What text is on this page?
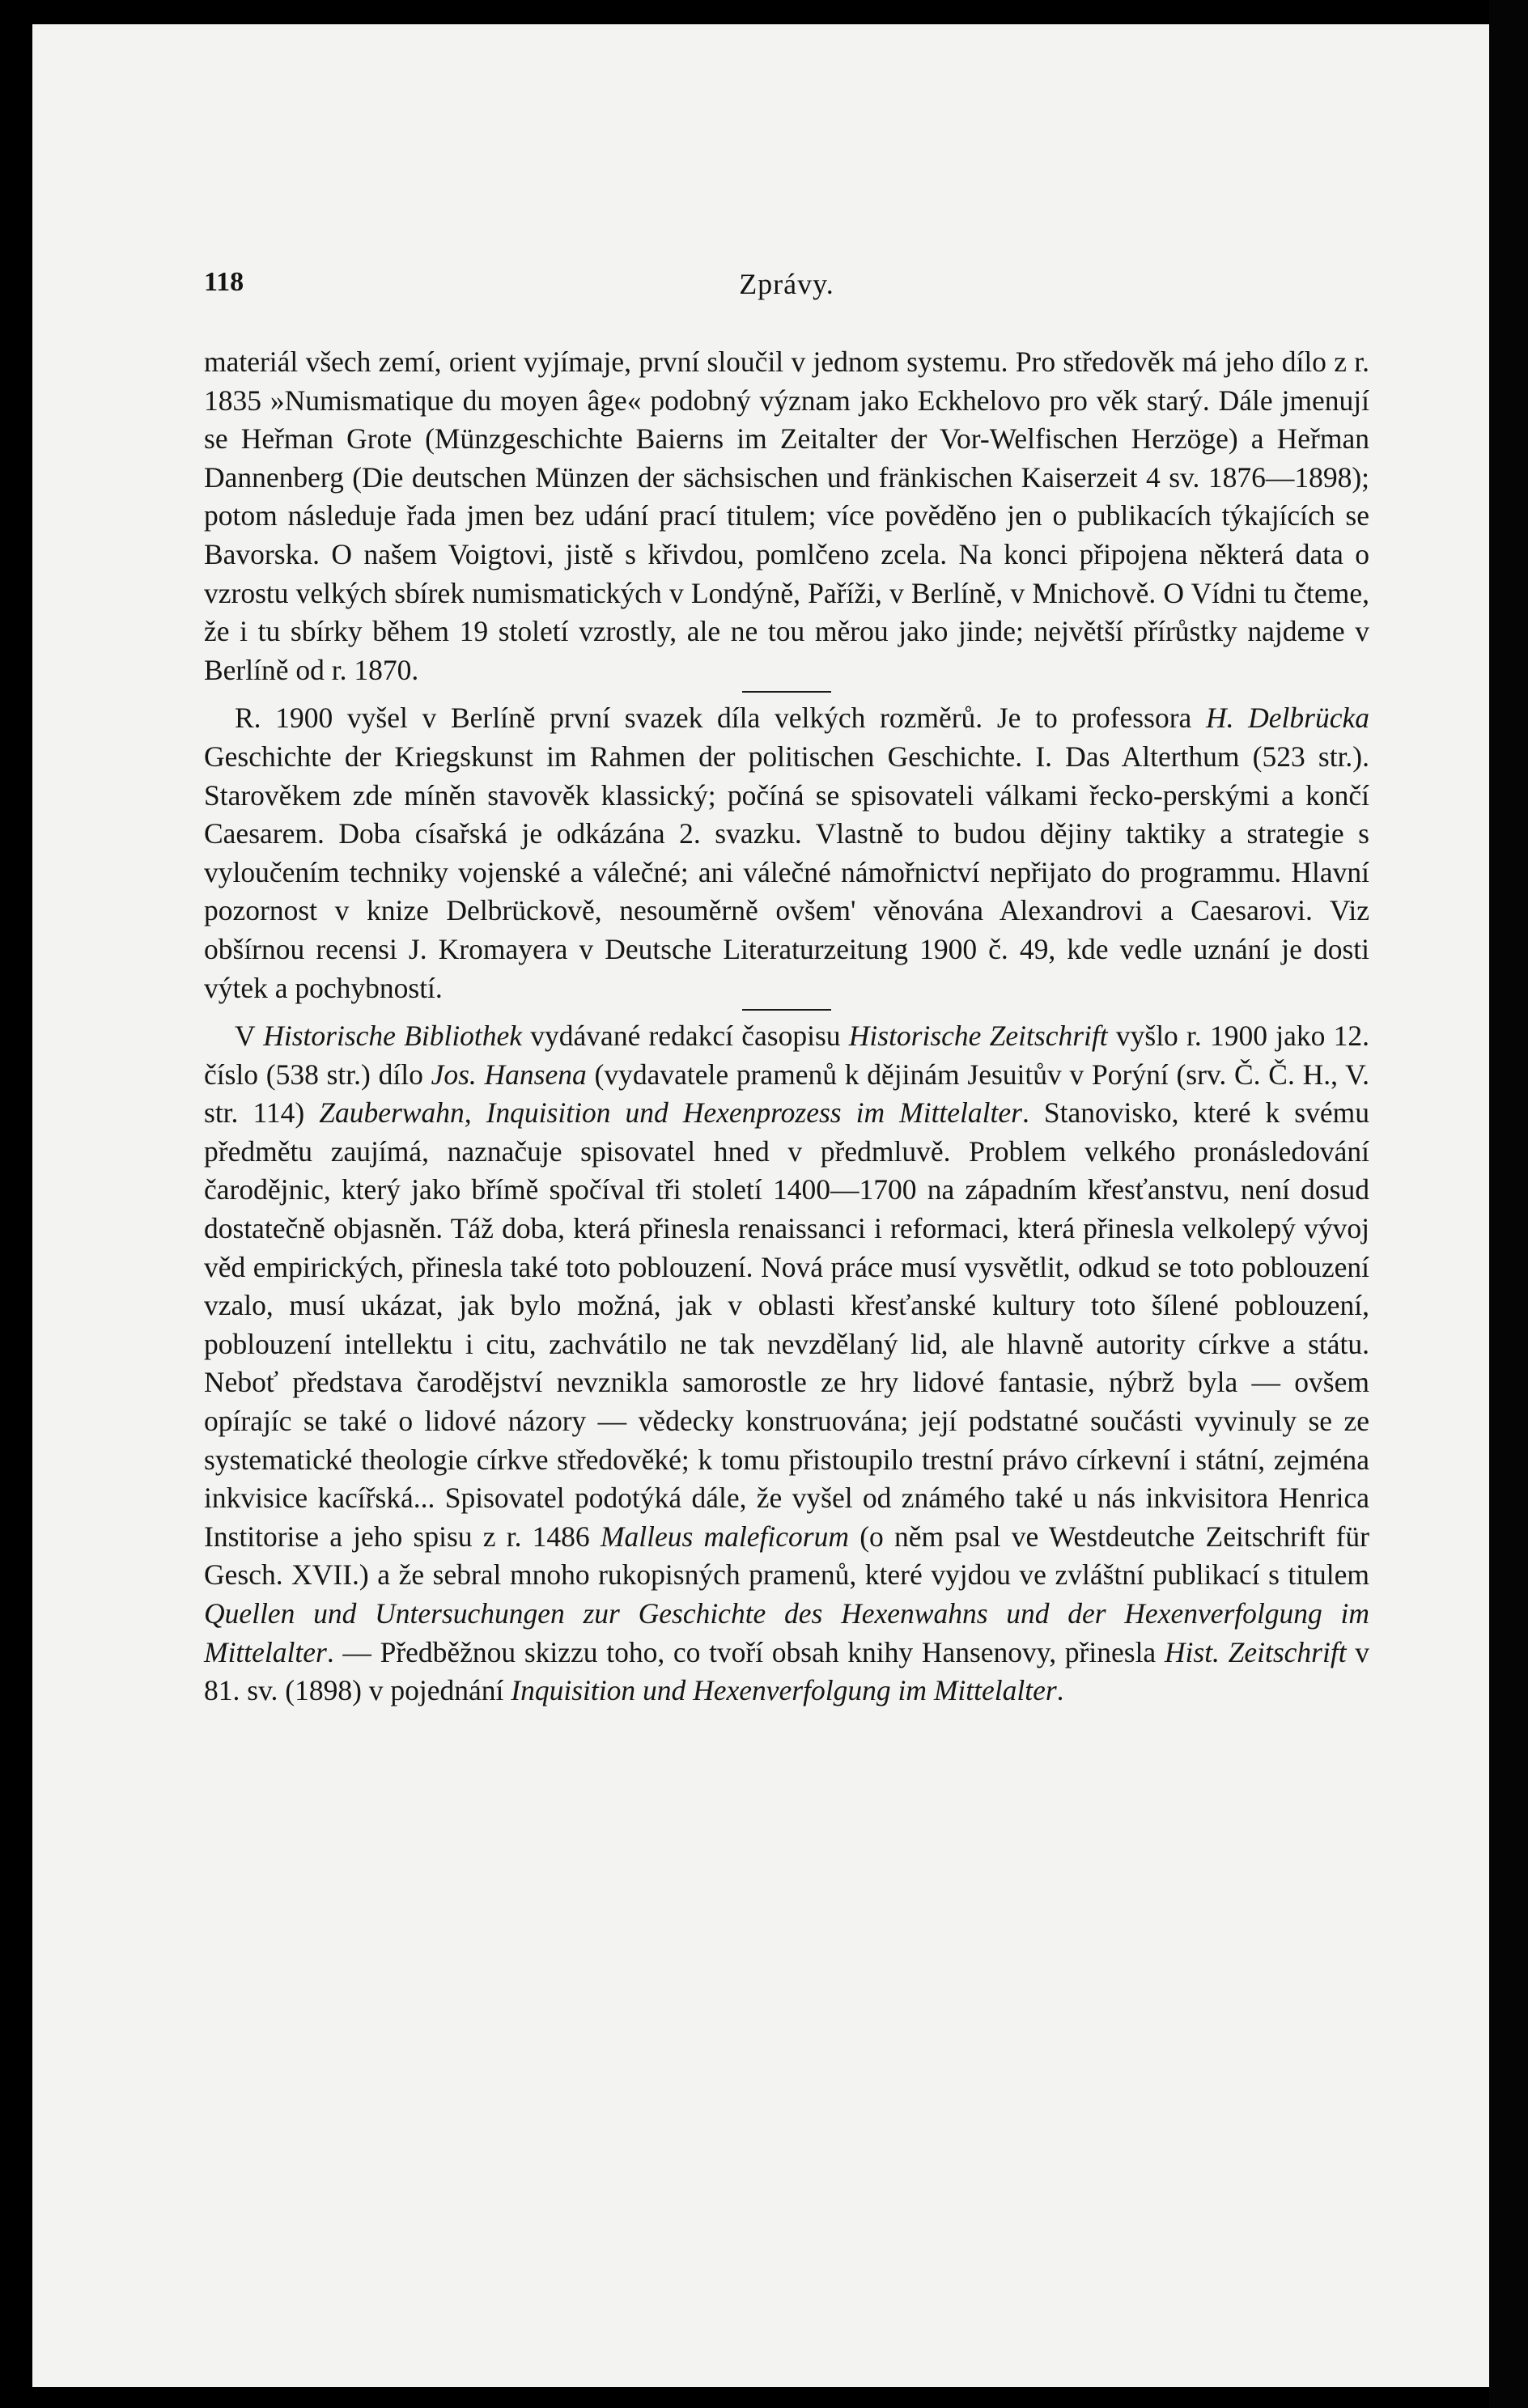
118	Zprávy.

materiál všech zemí, orient vyjímaje, první sloučil v jednom systemu. Pro středověk má jeho dílo z r. 1835 »Numismatique du moyen âge« podobný význam jako Eckhelovo pro věk starý. Dále jmenují se Heřman Grote (Münzgeschichte Baierns im Zeitalter der Vor-Welfischen Herzöge) a Heřman Dannenberg (Die deutschen Münzen der sächsischen und fränkischen Kaiserzeit 4 sv. 1876—1898); potom následuje řada jmen bez udání prací titulem; více pověděno jen o publikacích týkajících se Bavorska. O našem Voigtovi, jistě s křivdou, pomlčeno zcela. Na konci připojena některá data o vzrostu velkých sbírek numismatických v Londýně, Paříži, v Berlíně, v Mnichově. O Vídni tu čteme, že i tu sbírky během 19 století vzrostly, ale ne tou měrou jako jinde; největší přírůstky najdeme v Berlíně od r. 1870.

R. 1900 vyšel v Berlíně první svazek díla velkých rozměrů. Je to professora H. Delbrücka Geschichte der Kriegskunst im Rahmen der politischen Geschichte. I. Das Alterthum (523 str.). Starověkem zde míněn stavověk klassický; počíná se spisovateli válkami řecko-perskými a končí Caesarem. Doba císařská je odkázána 2. svazku. Vlastně to budou dějiny taktiky a strategie s vyloučením techniky vojenské a válečné; ani válečné námořnictví nepřijato do programmu. Hlavní pozornost v knize Delbrückově, nesouměrně ovšem' věnována Alexandrovi a Caesarovi. Viz obšírnou recensi J. Kromayera v Deutsche Literaturzeitung 1900 č. 49, kde vedle uznání je dosti výtek a pochybností.

V Historische Bibliothek vydávané redakcí časopisu Historische Zeitschrift vyšlo r. 1900 jako 12. číslo (538 str.) dílo Jos. Hansena (vydavatele pramenů k dějinám Jesuitův v Porýní (srv. Č. Č. H., V. str. 114) Zauberwahn, Inquisition und Hexenprozess im Mittelalter. Stanovisko, které k svému předmětu zaujímá, naznačuje spisovatel hned v předmluvě. Problem velkého pronásledování čarodějnic, který jako břímě spočíval tři století 1400—1700 na západním křesťanstvu, není dosud dostatečně objasněn. Táž doba, která přinesla renaissanci i reformaci, která přinesla velkolepý vývoj věd empirických, přinesla také toto poblouzení. Nová práce musí vysvětlit, odkud se toto poblouzení vzalo, musí ukázat, jak bylo možná, jak v oblasti křesťanské kultury toto šílené poblouzení, poblouzení intellektu i citu, zachvátilo ne tak nevzdělaný lid, ale hlavně autority církve a státu. Neboť představa čarodějství nevznikla samorostle ze hry lidové fantasie, nýbrž byla — ovšem opírajíc se také o lidové názory — vědecky konstruována; její podstatné součásti vyvinuly se ze systematické theologie církve středověké; k tomu přistoupilo trestní právo církevní i státní, zejména inkvisice kacířská... Spisovatel podotýká dále, že vyšel od známého také u nás inkvisitora Henrica Institorise a jeho spisu z r. 1486 Malleus maleficorum (o něm psal ve Westdeutche Zeitschrift für Gesch. XVII.) a že sebral mnoho rukopisných pramenů, které vyjdou ve zvláštní publikací s titulem Quellen und Untersuchungen zur Geschichte des Hexenwahns und der Hexenverfolgung im Mittelalter. — Předběžnou skizzu toho, co tvoří obsah knihy Hansenovy, přinesla Hist. Zeitschrift v 81. sv. (1898) v pojednání Inquisition und Hexenverfolgung im Mittelalter.
